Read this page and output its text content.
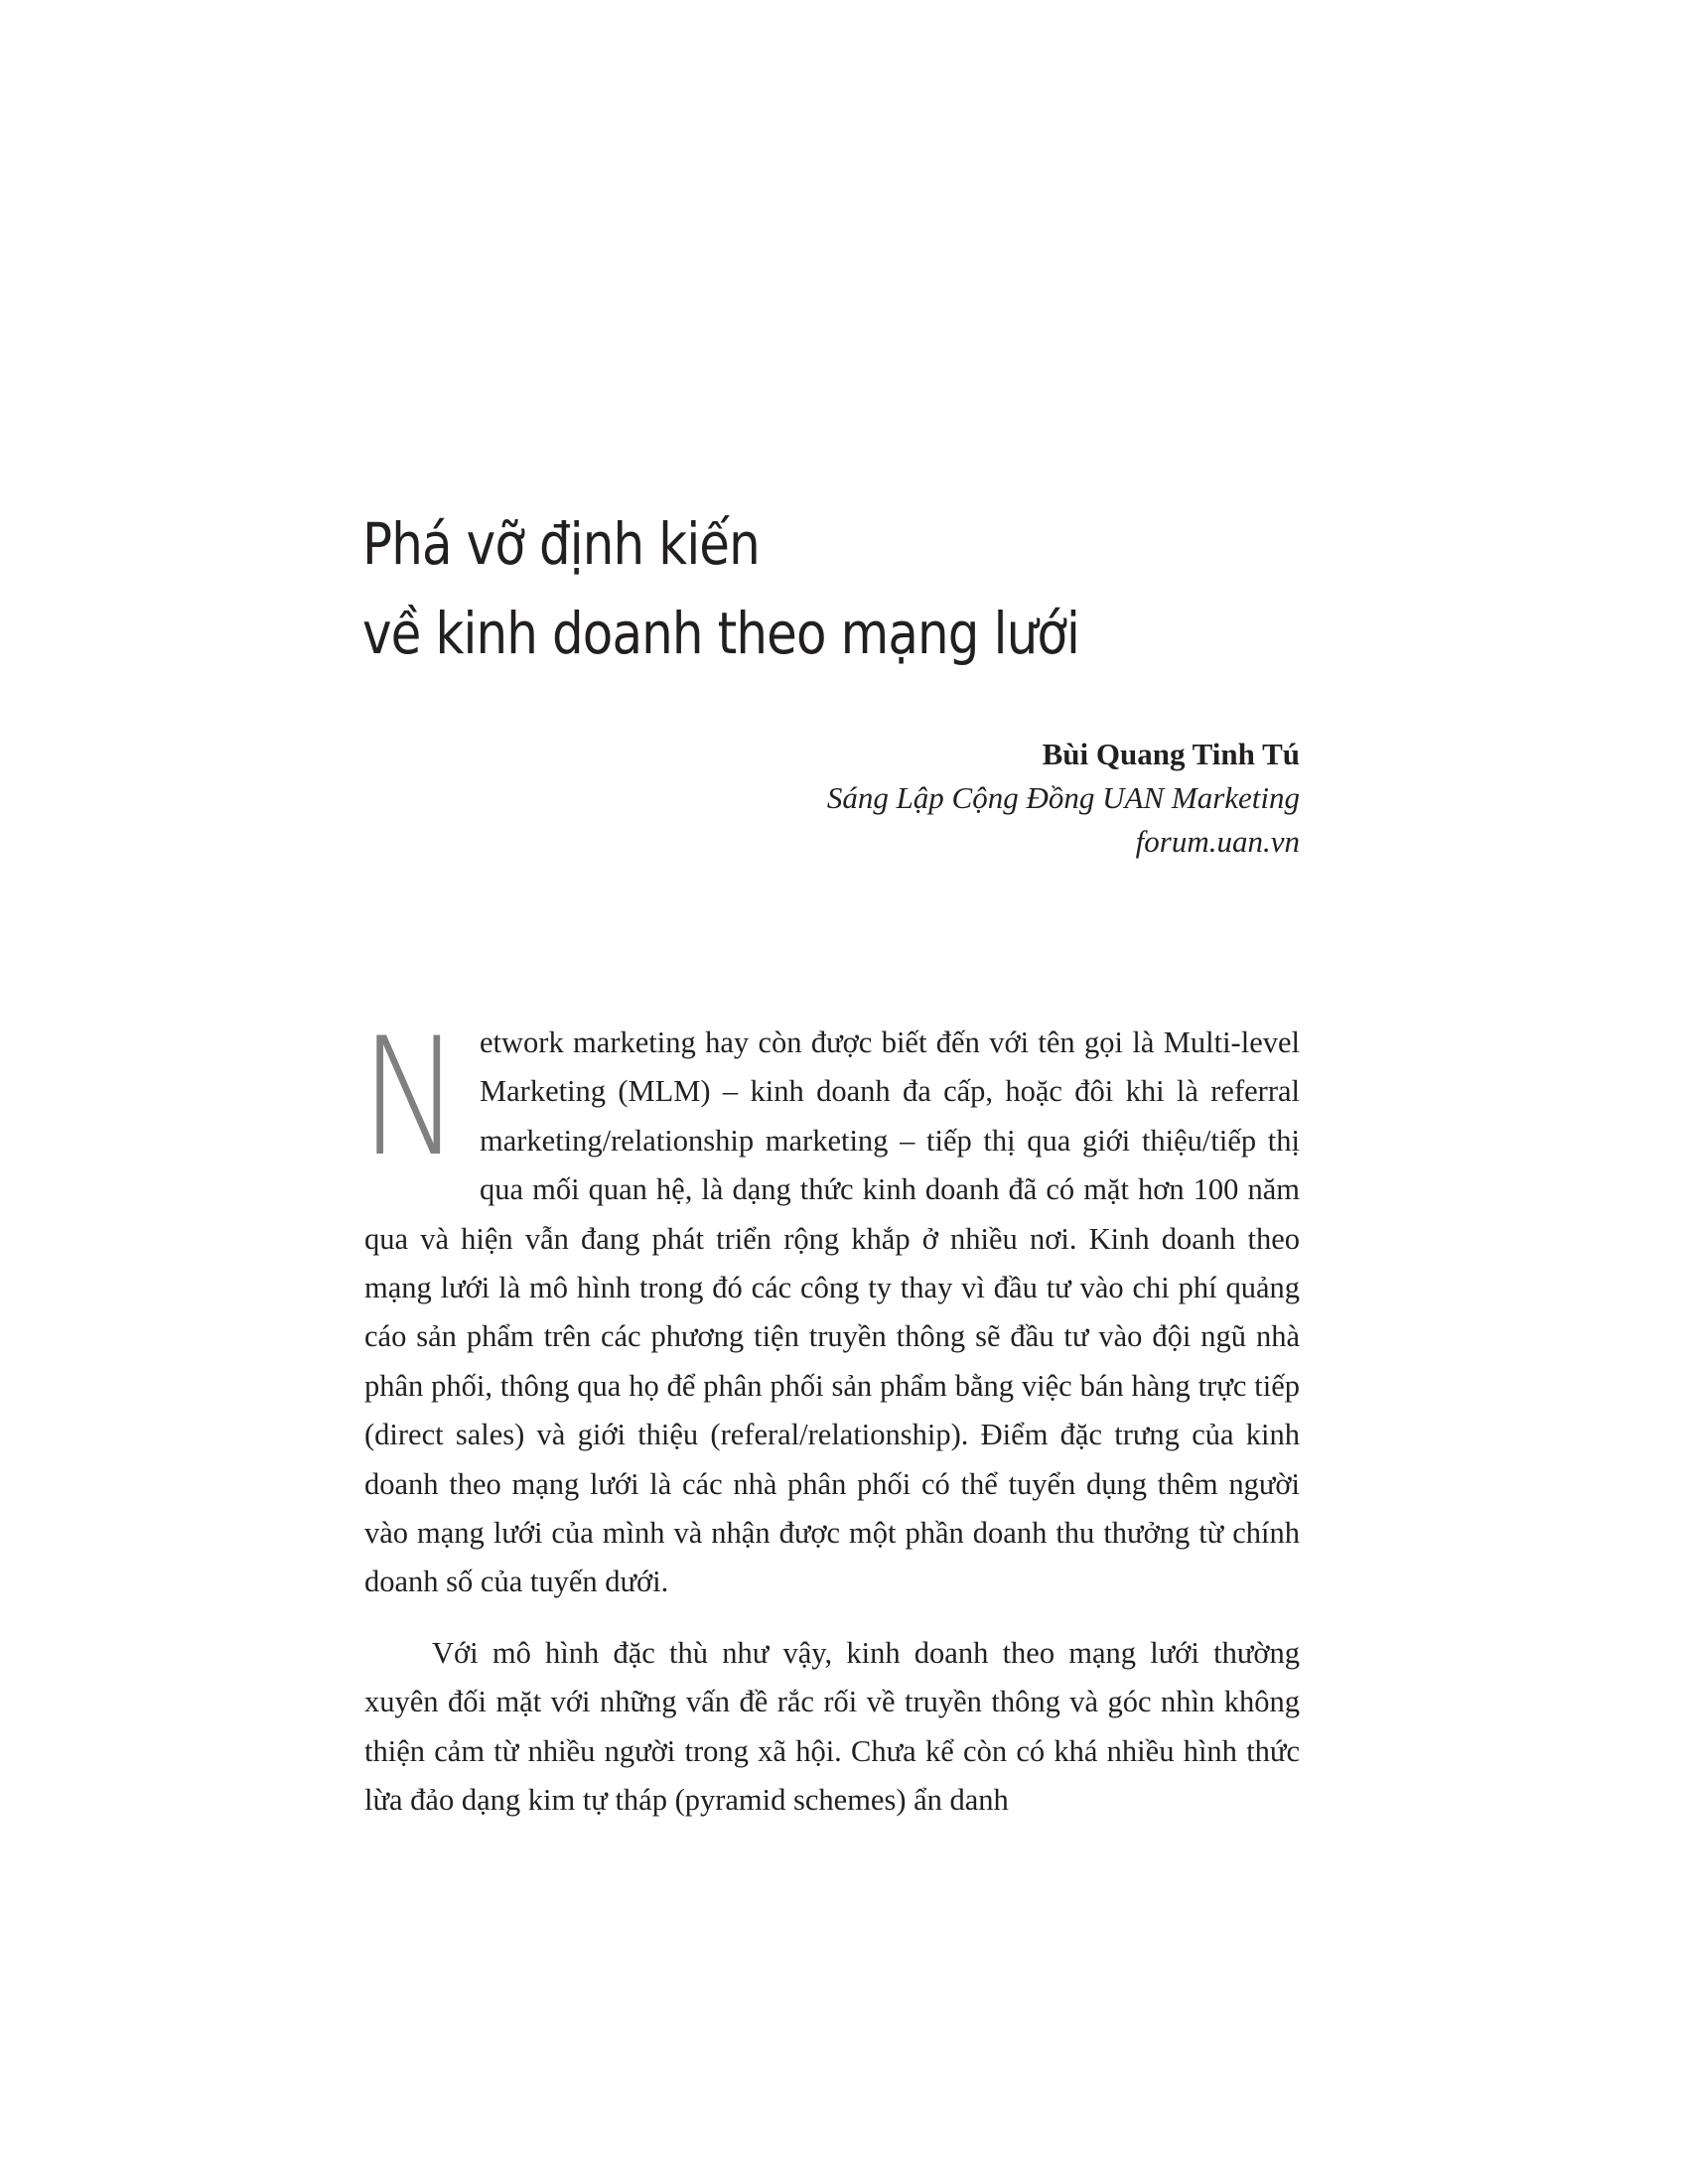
Phá vỡ định kiến
về kinh doanh theo mạng lưới
Bùi Quang Tinh Tú
Sáng Lập Cộng Đồng UAN Marketing
forum.uan.vn

Network marketing hay còn được biết đến với tên gọi là Multi-level Marketing (MLM) – kinh doanh đa cấp, hoặc đôi khi là referral marketing/relationship marketing – tiếp thị qua giới thiệu/tiếp thị qua mối quan hệ, là dạng thức kinh doanh đã có mặt hơn 100 năm qua và hiện vẫn đang phát triển rộng khắp ở nhiều nơi. Kinh doanh theo mạng lưới là mô hình trong đó các công ty thay vì đầu tư vào chi phí quảng cáo sản phẩm trên các phương tiện truyền thông sẽ đầu tư vào đội ngũ nhà phân phối, thông qua họ để phân phối sản phẩm bằng việc bán hàng trực tiếp (direct sales) và giới thiệu (referal/relationship). Điểm đặc trưng của kinh doanh theo mạng lưới là các nhà phân phối có thể tuyển dụng thêm người vào mạng lưới của mình và nhận được một phần doanh thu thưởng từ chính doanh số của tuyến dưới.

Với mô hình đặc thù như vậy, kinh doanh theo mạng lưới thường xuyên đối mặt với những vấn đề rắc rối về truyền thông và góc nhìn không thiện cảm từ nhiều người trong xã hội. Chưa kể còn có khá nhiều hình thức lừa đảo dạng kim tự tháp (pyramid schemes) ẩn danh
